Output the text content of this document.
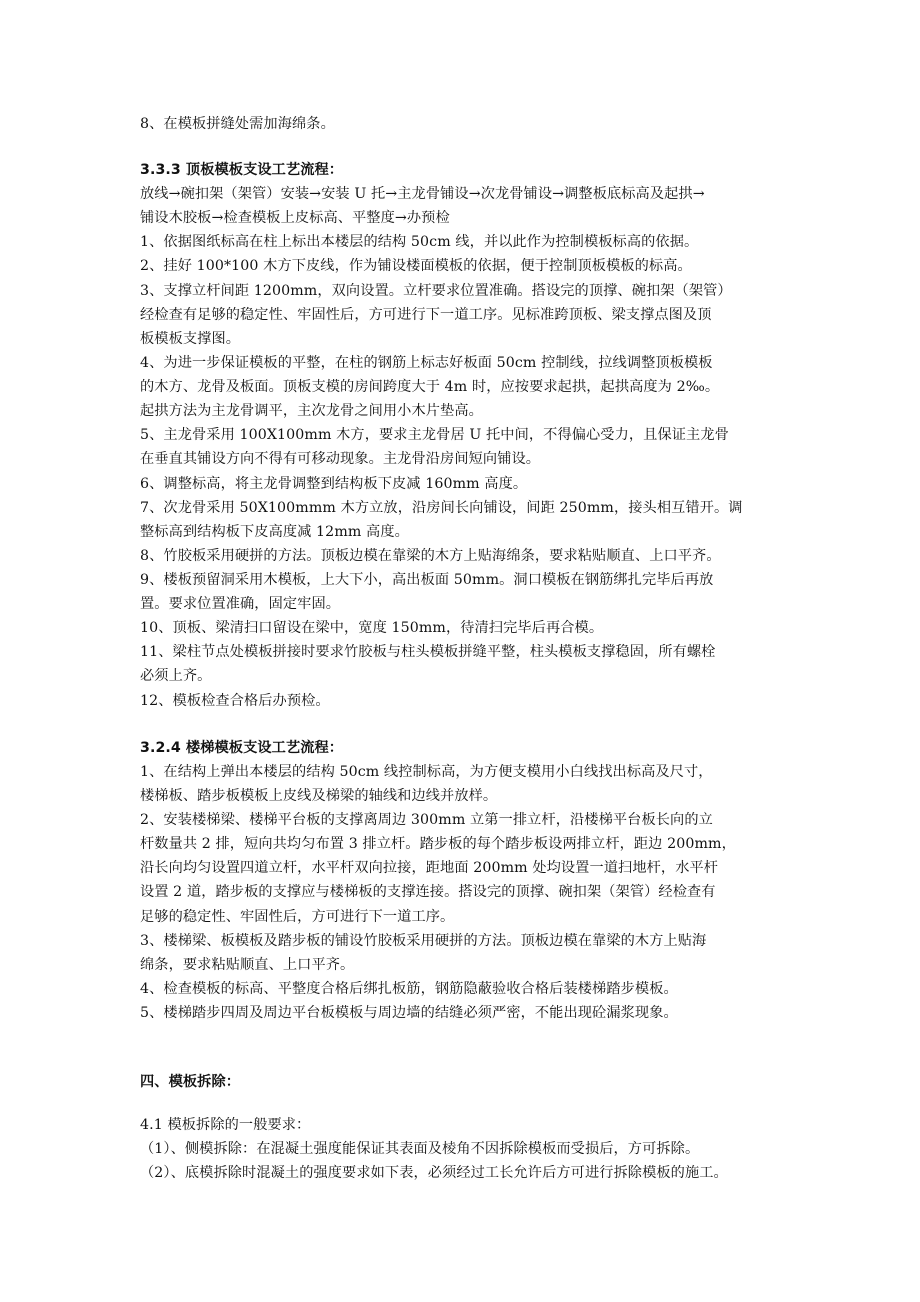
8、在模板拼缝处需加海绵条。
3.3.3 顶板模板支设工艺流程：
放线→碗扣架（架管）安装→安装 U 托→主龙骨铺设→次龙骨铺设→调整板底标高及起拱→
铺设木胶板→检查模板上皮标高、平整度→办预检
1、依据图纸标高在柱上标出本楼层的结构 50cm 线，并以此作为控制模板标高的依据。
2、挂好 100*100 木方下皮线，作为铺设楼面模板的依据，便于控制顶板模板的标高。
3、支撑立杆间距 1200mm，双向设置。立杆要求位置准确。搭设完的顶撑、碗扣架（架管）
经检查有足够的稳定性、牢固性后，方可进行下一道工序。见标准跨顶板、梁支撑点图及顶
板模板支撑图。
4、为进一步保证模板的平整，在柱的钢筋上标志好板面 50cm 控制线，拉线调整顶板模板
的木方、龙骨及板面。顶板支模的房间跨度大于 4m 时，应按要求起拱，起拱高度为 2‰。
起拱方法为主龙骨调平，主次龙骨之间用小木片垫高。
5、主龙骨采用 100X100mm 木方，要求主龙骨居 U 托中间，不得偏心受力，且保证主龙骨
在垂直其铺设方向不得有可移动现象。主龙骨沿房间短向铺设。
6、调整标高，将主龙骨调整到结构板下皮减 160mm 高度。
7、次龙骨采用 50X100mmm 木方立放，沿房间长向铺设，间距 250mm，接头相互错开。调
整标高到结构板下皮高度减 12mm 高度。
8、竹胶板采用硬拼的方法。顶板边模在靠梁的木方上贴海绵条，要求粘贴顺直、上口平齐。
9、楼板预留洞采用木模板，上大下小，高出板面 50mm。洞口模板在钢筋绑扎完毕后再放
置。要求位置准确，固定牢固。
10、顶板、梁清扫口留设在梁中，宽度 150mm，待清扫完毕后再合模。
11、梁柱节点处模板拼接时要求竹胶板与柱头模板拼缝平整，柱头模板支撑稳固，所有螺栓
必须上齐。
12、模板检查合格后办预检。
3.2.4 楼梯模板支设工艺流程：
1、在结构上弹出本楼层的结构 50cm 线控制标高，为方便支模用小白线找出标高及尺寸，
楼梯板、踏步板模板上皮线及梯梁的轴线和边线并放样。
2、安装楼梯梁、楼梯平台板的支撑离周边 300mm 立第一排立杆，沿楼梯平台板长向的立
杆数量共 2 排，短向共均匀布置 3 排立杆。踏步板的每个踏步板设两排立杆，距边 200mm，
沿长向均匀设置四道立杆，水平杆双向拉接，距地面 200mm 处均设置一道扫地杆，水平杆
设置 2 道，踏步板的支撑应与楼梯板的支撑连接。搭设完的顶撑、碗扣架（架管）经检查有
足够的稳定性、牢固性后，方可进行下一道工序。
3、楼梯梁、板模板及踏步板的铺设竹胶板采用硬拼的方法。顶板边模在靠梁的木方上贴海
绵条，要求粘贴顺直、上口平齐。
4、检查模板的标高、平整度合格后绑扎板筋，钢筋隐蔽验收合格后装楼梯踏步模板。
5、楼梯踏步四周及周边平台板模板与周边墙的结缝必须严密，不能出现砼漏浆现象。
四、模板拆除：
4.1 模板拆除的一般要求：
（1）、侧模拆除：在混凝土强度能保证其表面及棱角不因拆除模板而受损后，方可拆除。
（2）、底模拆除时混凝土的强度要求如下表，必须经过工长允许后方可进行拆除模板的施工。
